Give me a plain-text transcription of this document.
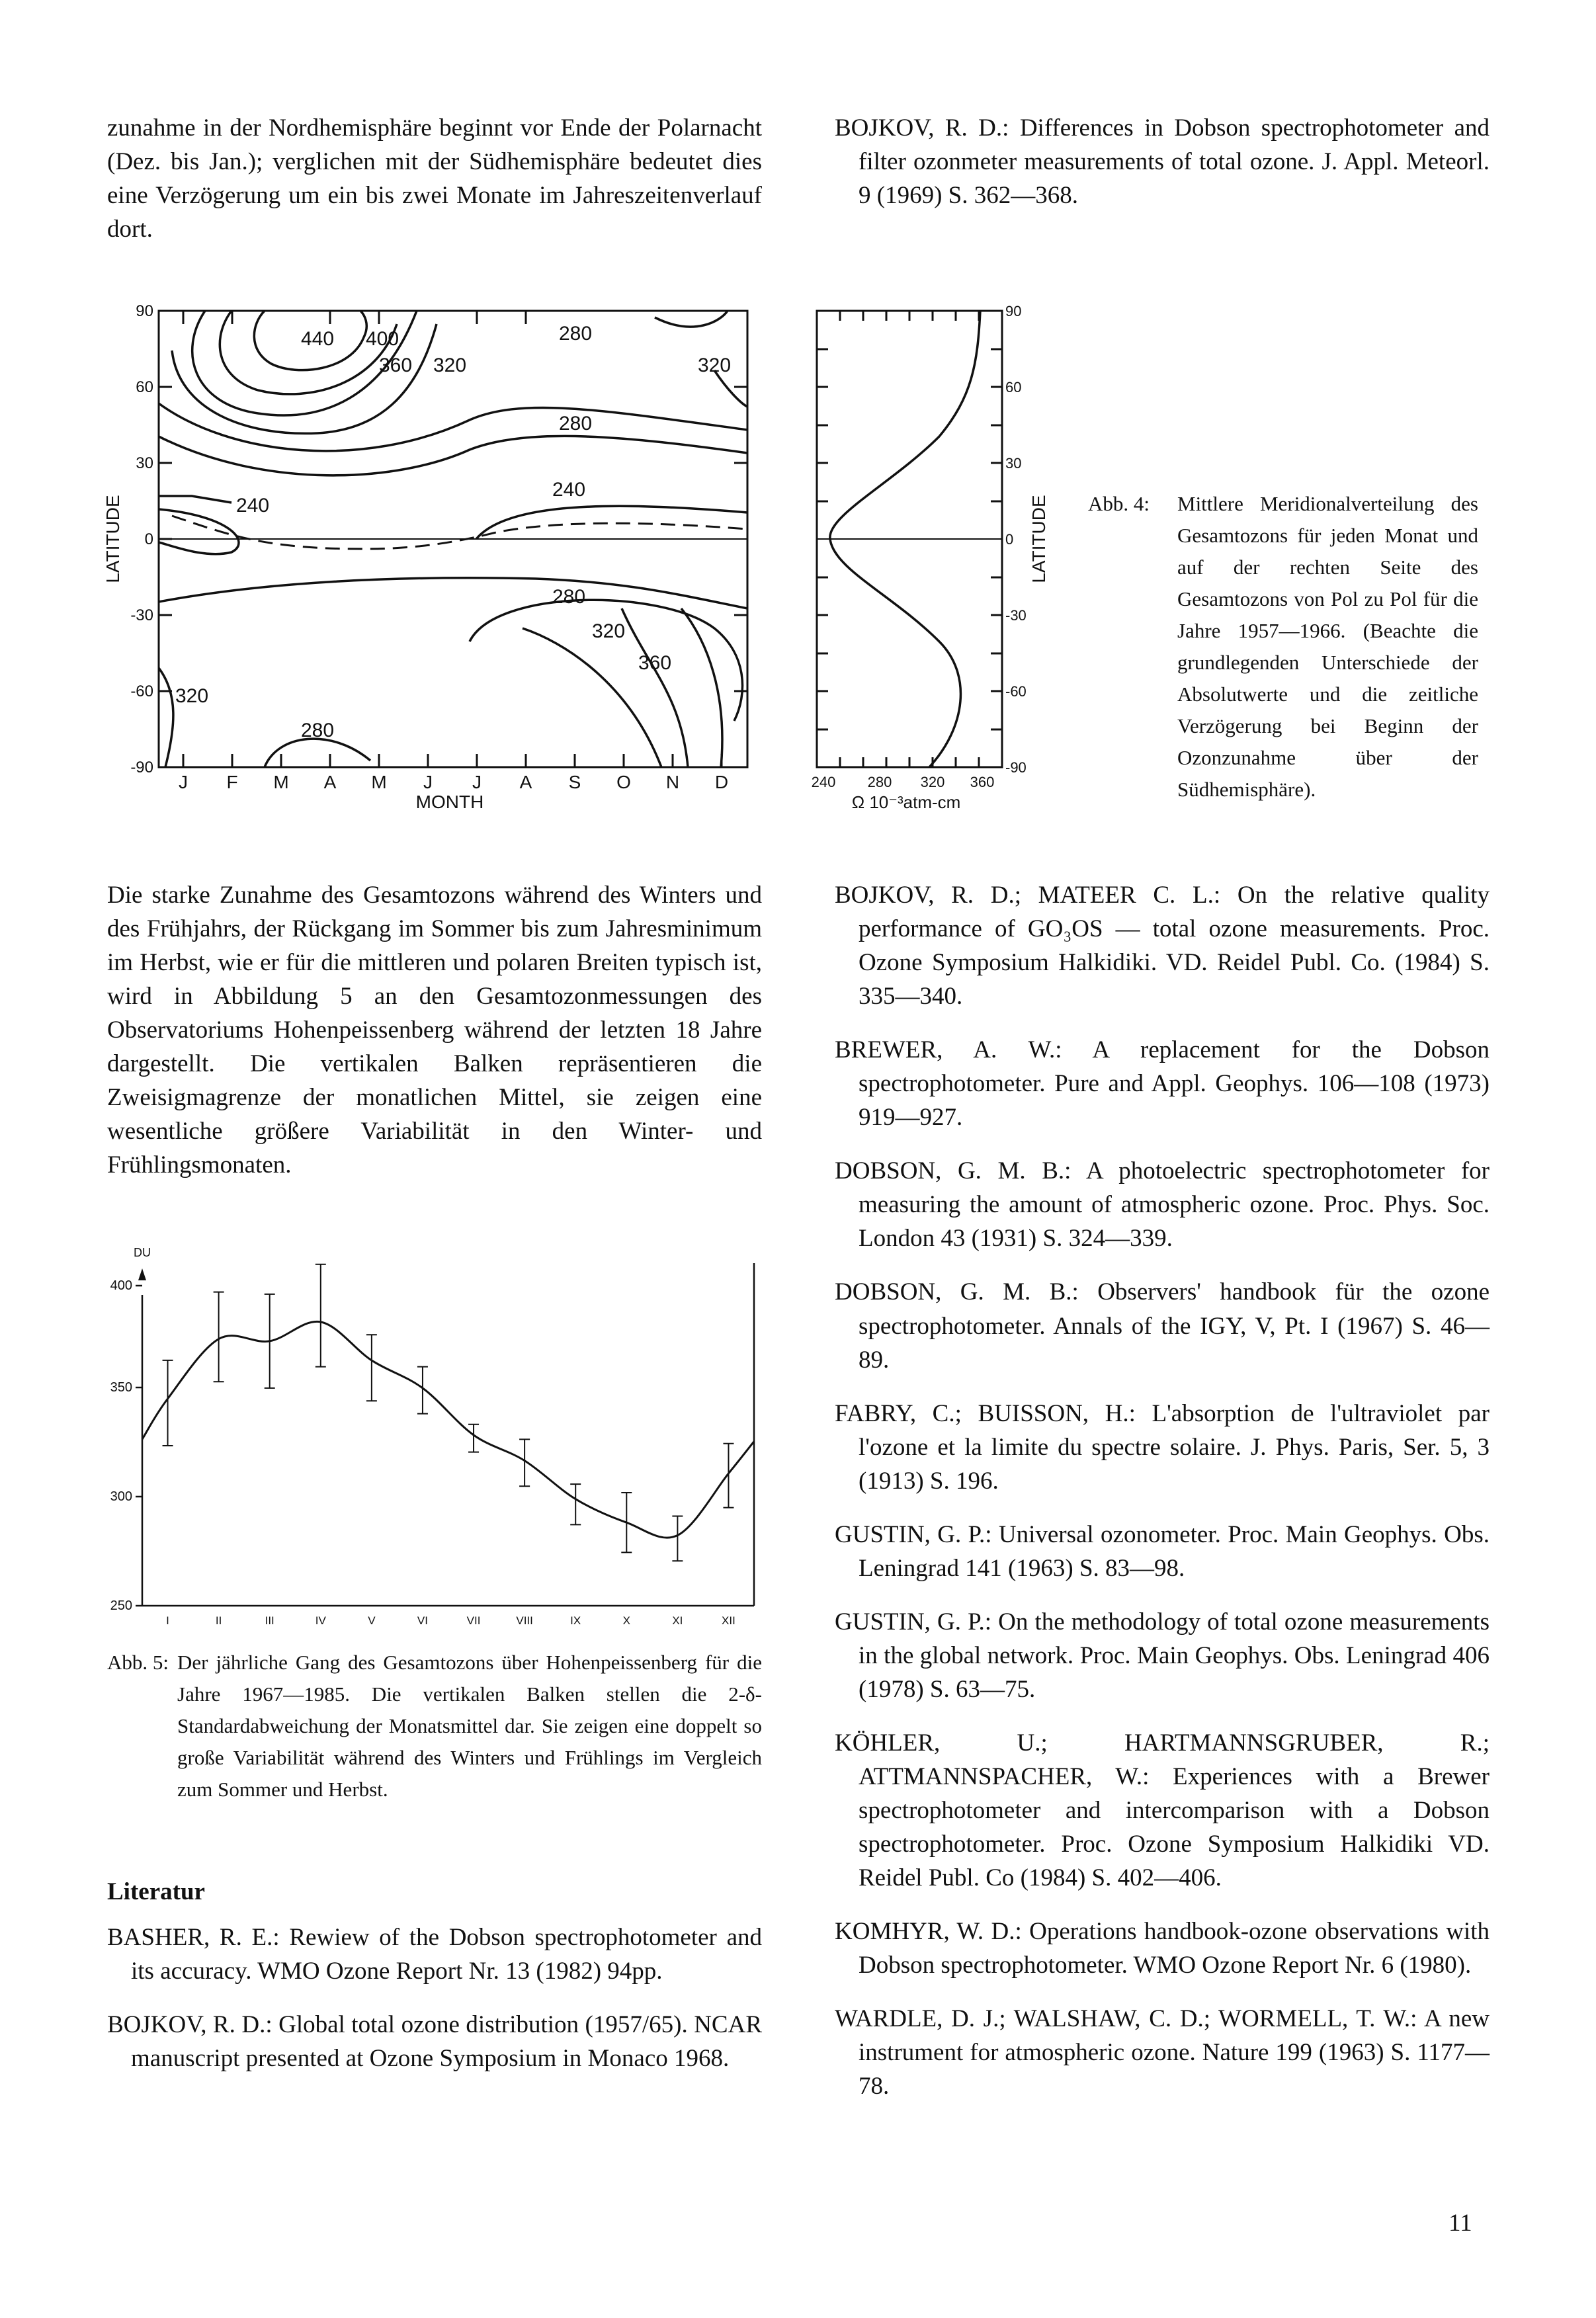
zunahme in der Nordhemisphäre beginnt vor Ende der Polarnacht (Dez. bis Jan.); verglichen mit der Südhemisphäre bedeutet dies eine Verzögerung um ein bis zwei Monate im Jahreszeitenverlauf dort.
BOJKOV, R. D.: Differences in Dobson spectrophotometer and filter ozonmeter measurements of total ozone. J. Appl. Meteorl. 9 (1969) S. 362—368.
90
60
30
0
-30
-60
-90
LATITUDE
J F M A M J J A S O N D
MONTH
440 400
360 320
280
320
280
240
240
280
320
360
320
280
90
60
30
0
-30
-60
-90
LATITUDE
240 280 320 360
Ω 10⁻³atm-cm
Abb. 4: Mittlere Meridionalverteilung des Gesamtozons für jeden Monat und auf der rechten Seite des Gesamtozons von Pol zu Pol für die Jahre 1957—1966. (Beachte die grundlegenden Unterschiede der Absolutwerte und die zeitliche Verzögerung bei Beginn der Ozonzunahme über der Südhemisphäre).
Die starke Zunahme des Gesamtozons während des Winters und des Frühjahrs, der Rückgang im Sommer bis zum Jahresminimum im Herbst, wie er für die mittleren und polaren Breiten typisch ist, wird in Abbildung 5 an den Gesamtozonmessungen des Observatoriums Hohenpeissenberg während der letzten 18 Jahre dargestellt. Die vertikalen Balken repräsentieren die Zweisigmagrenze der monatlichen Mittel, sie zeigen eine wesentliche größere Variabilität in den Winter- und Frühlingsmonaten.
400
350
300
250
DU
I	II	III	IV	V	VI	VII	VIII	IX	X	XI	XII
Abb. 5: Der jährliche Gang des Gesamtozons über Hohenpeissenberg für die Jahre 1967—1985. Die vertikalen Balken stellen die 2-δ-Standardabweichung der Monatsmittel dar. Sie zeigen eine doppelt so große Variabilität während des Winters und Frühlings im Vergleich zum Sommer und Herbst.
Literatur
BASHER, R. E.: Rewiew of the Dobson spectrophotometer and its accuracy. WMO Ozone Report Nr. 13 (1982) 94pp.
BOJKOV, R. D.: Global total ozone distribution (1957/65). NCAR manuscript presented at Ozone Symposium in Monaco 1968.
BOJKOV, R. D.; MATEER C. L.: On the relative quality performance of GO₃OS — total ozone measurements. Proc. Ozone Symposium Halkidiki. VD. Reidel Publ. Co. (1984) S. 335—340.
BREWER, A. W.: A replacement for the Dobson spectrophotometer. Pure and Appl. Geophys. 106—108 (1973) 919—927.
DOBSON, G. M. B.: A photoelectric spectrophotometer for measuring the amount of atmospheric ozone. Proc. Phys. Soc. London 43 (1931) S. 324—339.
DOBSON, G. M. B.: Observers' handbook für the ozone spectrophotometer. Annals of the IGY, V, Pt. I (1967) S. 46—89.
FABRY, C.; BUISSON, H.: L'absorption de l'ultraviolet par l'ozone et la limite du spectre solaire. J. Phys. Paris, Ser. 5, 3 (1913) S. 196.
GUSTIN, G. P.: Universal ozonometer. Proc. Main Geophys. Obs. Leningrad 141 (1963) S. 83—98.
GUSTIN, G. P.: On the methodology of total ozone measurements in the global network. Proc. Main Geophys. Obs. Leningrad 406 (1978) S. 63—75.
KÖHLER, U.; HARTMANNSGRUBER, R.; ATTMANNSPACHER, W.: Experiences with a Brewer spectrophotometer and intercomparison with a Dobson spectrophotometer. Proc. Ozone Symposium Halkidiki VD. Reidel Publ. Co (1984) S. 402—406.
KOMHYR, W. D.: Operations handbook-ozone observations with Dobson spectrophotometer. WMO Ozone Report Nr. 6 (1980).
WARDLE, D. J.; WALSHAW, C. D.; WORMELL, T. W.: A new instrument for atmospheric ozone. Nature 199 (1963) S. 1177—78.
11
